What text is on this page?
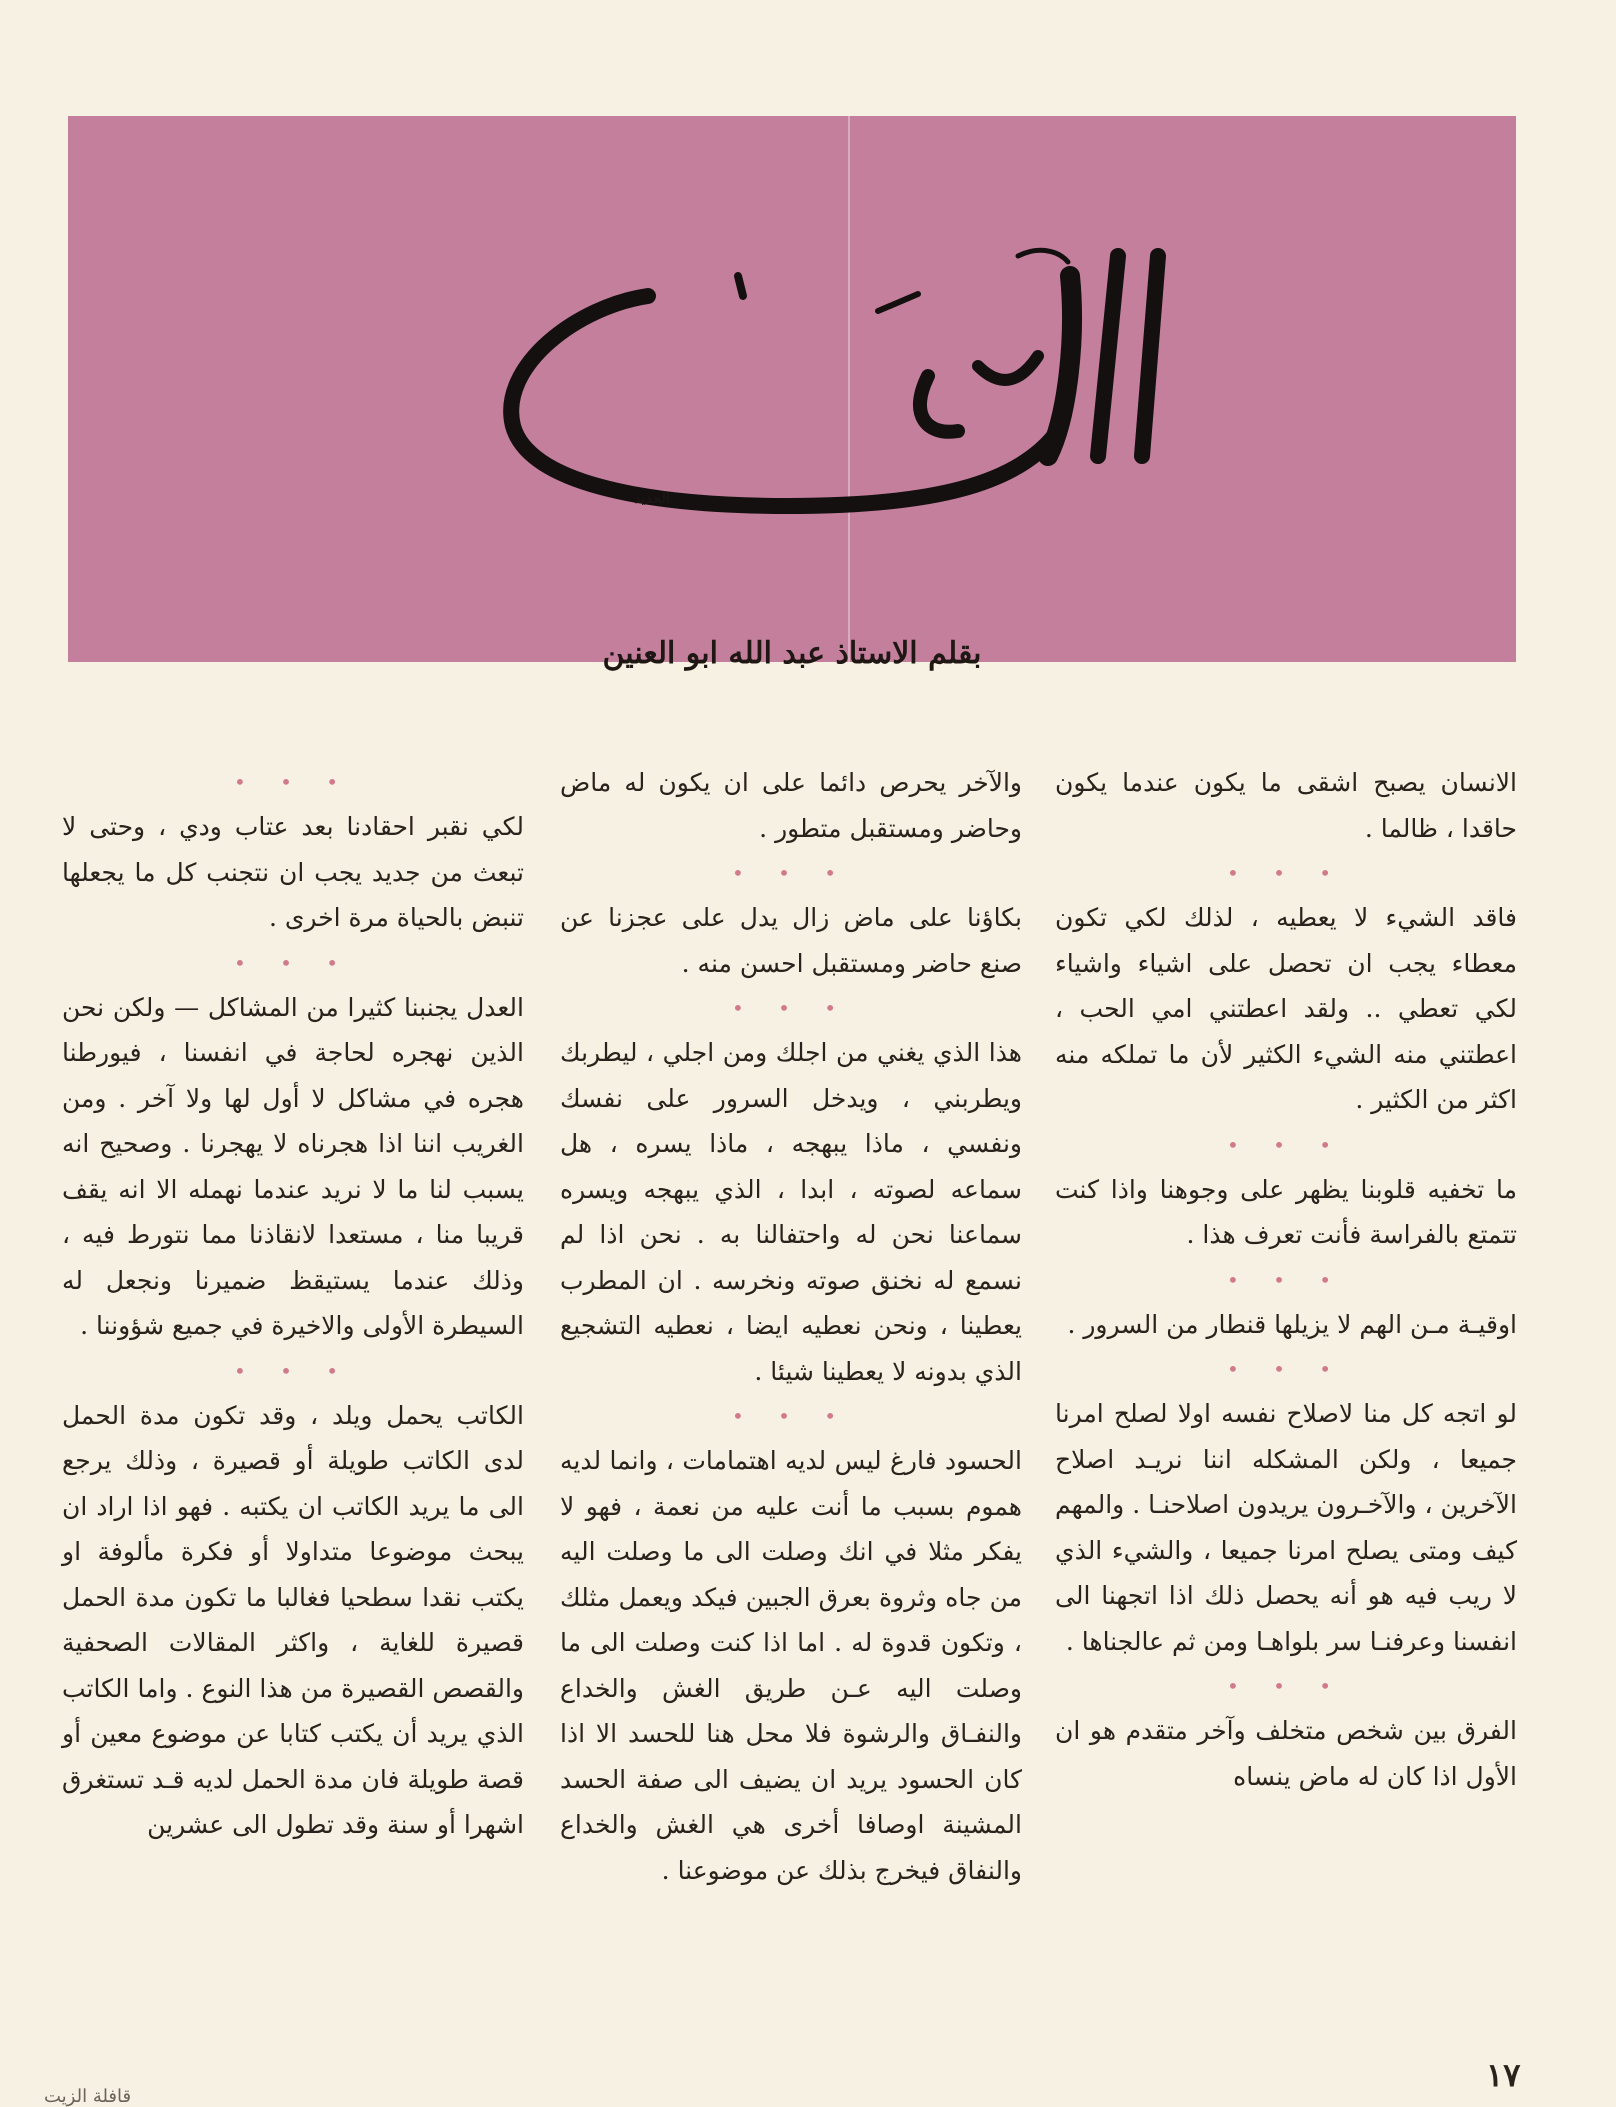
الجديد
بقلم الاستاذ عبد الله ابو العنين

الانسان يصبح اشقى ما يكون عندما يكون حاقدا ، ظالما .

• • •

فاقد الشيء لا يعطيه ، لذلك لكي تكون معطاء يجب ان تحصل على اشياء واشياء لكي تعطي .. ولقد اعطتني امي الحب ، اعطتني منه الشيء الكثير لأن ما تملكه منه اكثر من الكثير .

• • •

ما تخفيه قلوبنا يظهر على وجوهنا واذا كنت تتمتع بالفراسة فأنت تعرف هذا .

• • •

اوقيـة مـن الهم لا يزيلها قنطار من السرور .

• • •

لو اتجه كل منا لاصلاح نفسه اولا لصلح امرنا جميعا ، ولكن المشكله اننا نريـد اصلاح الآخرين ، والآخـرون يريدون اصلاحنـا . والمهم كيف ومتى يصلح امرنا جميعا ، والشيء الذي لا ريب فيه هو أنه يحصل ذلك اذا اتجهنا الى انفسنا وعرفنـا سر بلواهـا ومن ثم عالجناها .

• • •

الفرق بين شخص متخلف وآخر متقدم هو ان الأول اذا كان له ماض ينساه

والآخر يحرص دائما على ان يكون له ماض وحاضر ومستقبل متطور .

• • •

بكاؤنا على ماض زال يدل على عجزنا عن صنع حاضر ومستقبل احسن منه .

• • •

هذا الذي يغني من اجلك ومن اجلي ، ليطربك ويطربني ، ويدخل السرور على نفسك ونفسي ، ماذا يبهجه ، ماذا يسره ، هل سماعه لصوته ، ابدا ، الذي يبهجه ويسره سماعنا نحن له واحتفالنا به . نحن اذا لم نسمع له نخنق صوته ونخرسه . ان المطرب يعطينا ، ونحن نعطيه ايضا ، نعطيه التشجيع الذي بدونه لا يعطينا شيئا .

• • •

الحسود فارغ ليس لديه اهتمامات ، وانما لديه هموم بسبب ما أنت عليه من نعمة ، فهو لا يفكر مثلا في انك وصلت الى ما وصلت اليه من جاه وثروة بعرق الجبين فيكد ويعمل مثلك ، وتكون قدوة له . اما اذا كنت وصلت الى ما وصلت اليه عـن طريق الغش والخداع والنفـاق والرشوة فلا محل هنا للحسد الا اذا كان الحسود يريد ان يضيف الى صفة الحسد المشينة اوصافا أخرى هي الغش والخداع والنفاق فيخرج بذلك عن موضوعنا .

• • •

لكي نقبر احقادنا بعد عتاب ودي ، وحتى لا تبعث من جديد يجب ان نتجنب كل ما يجعلها تنبض بالحياة مرة اخرى .

• • •

العدل يجنبنا كثيرا من المشاكل — ولكن نحن الذين نهجره لحاجة في انفسنا ، فيورطنا هجره في مشاكل لا أول لها ولا آخر . ومن الغريب اننا اذا هجرناه لا يهجرنا . وصحيح انه يسبب لنا ما لا نريد عندما نهمله الا انه يقف قريبا منا ، مستعدا لانقاذنا مما نتورط فيه ، وذلك عندما يستيقظ ضميرنا ونجعل له السيطرة الأولى والاخيرة في جميع شؤوننا .

• • •

الكاتب يحمل ويلد ، وقد تكون مدة الحمل لدى الكاتب طويلة أو قصيرة ، وذلك يرجع الى ما يريد الكاتب ان يكتبه . فهو اذا اراد ان يبحث موضوعا متداولا أو فكرة مألوفة او يكتب نقدا سطحيا فغالبا ما تكون مدة الحمل قصيرة للغاية ، واكثر المقالات الصحفية والقصص القصيرة من هذا النوع . واما الكاتب الذي يريد أن يكتب كتابا عن موضوع معين أو قصة طويلة فان مدة الحمل لديه قـد تستغرق اشهرا أو سنة وقد تطول الى عشرين

١٧
قافلة الزيت
